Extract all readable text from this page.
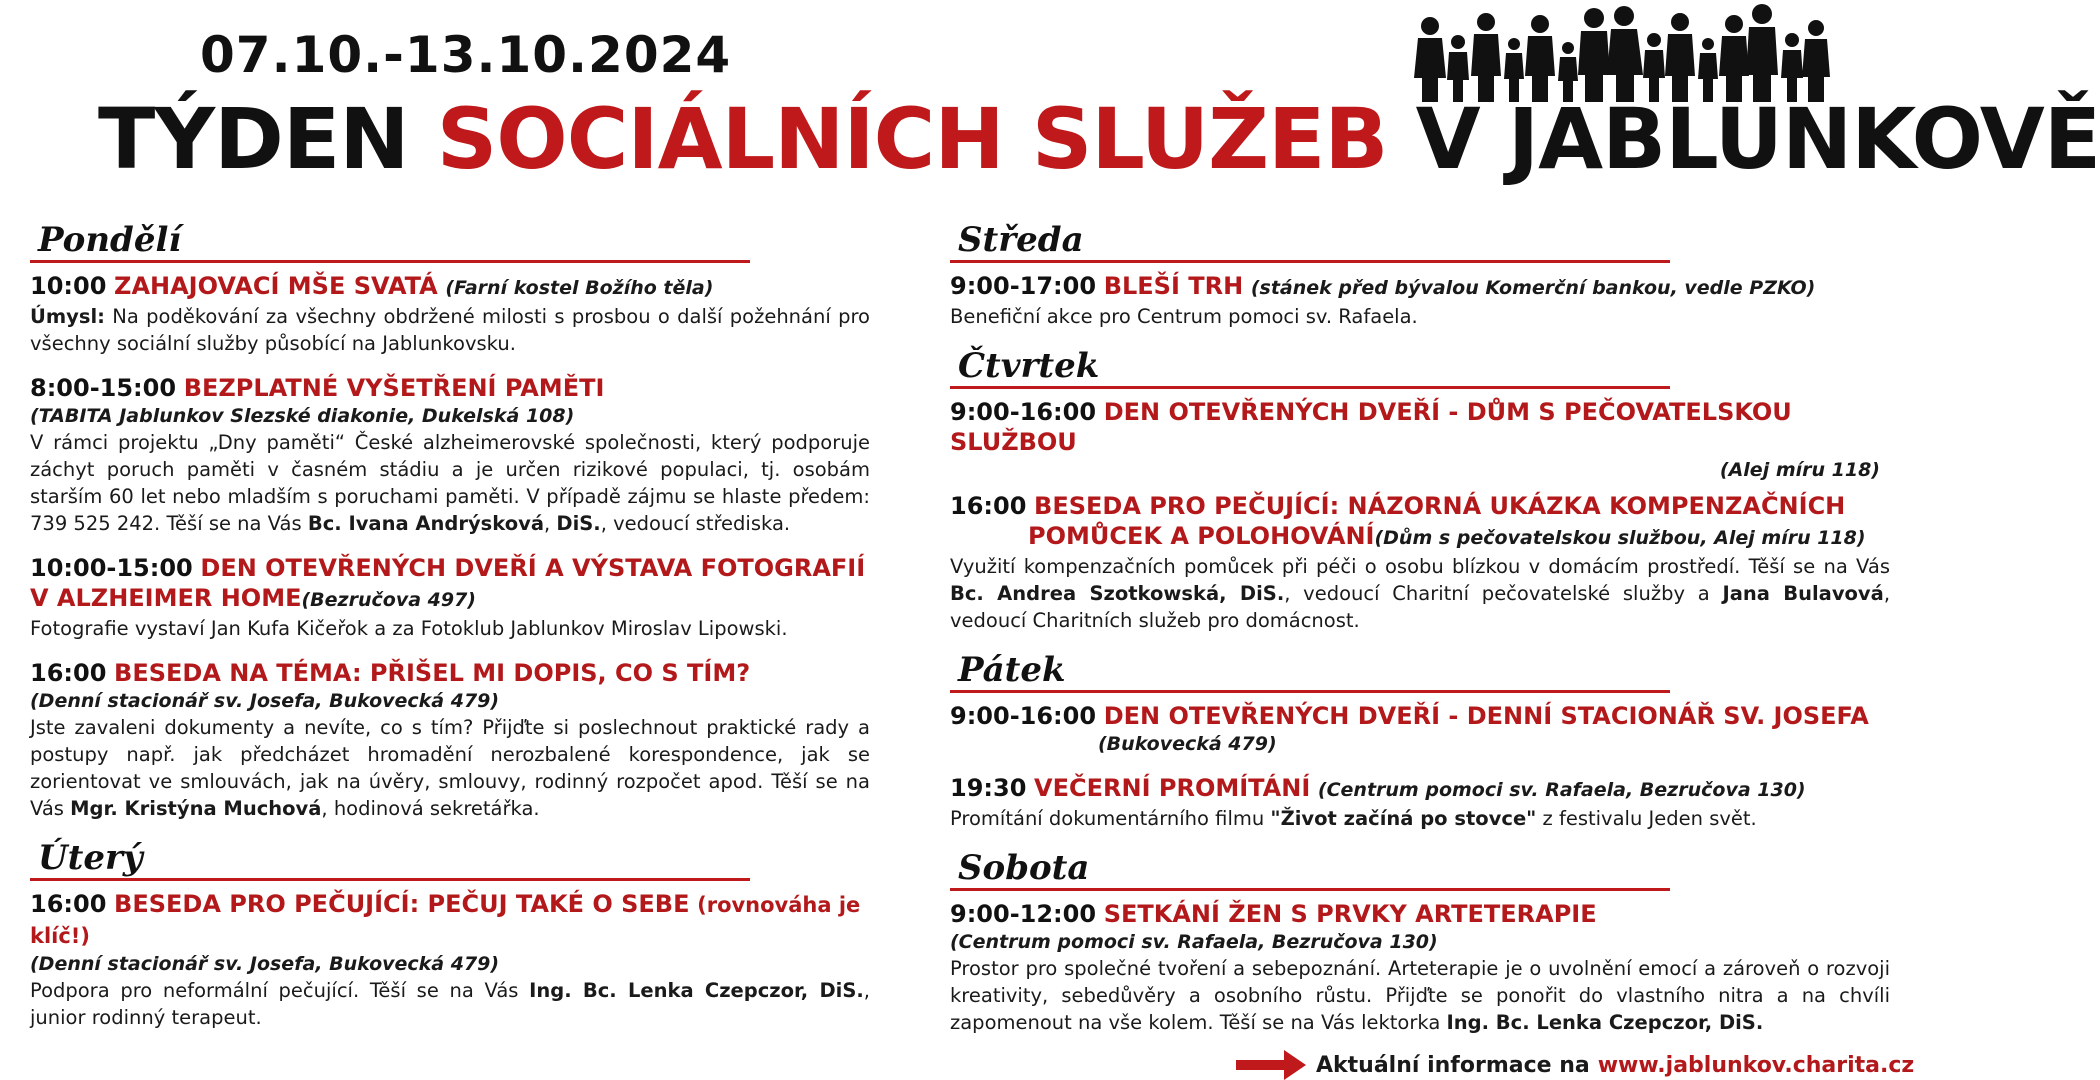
07.10.-13.10.2024
TÝDEN SOCIÁLNÍCH SLUŽEB V JABLUNKOVĚ
Pondělí
10:00 ZAHAJOVACÍ MŠE SVATÁ (Farní kostel Božího těla)
Úmysl: Na poděkování za všechny obdržené milosti s prosbou o další požehnání pro všechny sociální služby působící na Jablunkovsku.
8:00-15:00 BEZPLATNÉ VYŠETŘENÍ PAMĚTI
(TABITA Jablunkov Slezské diakonie, Dukelská 108)
V rámci projektu „Dny paměti“ České alzheimerovské společnosti, který podporuje záchyt poruch paměti v časném stádiu a je určen rizikové populaci, tj. osobám starším 60 let nebo mladším s poruchami paměti. V případě zájmu se hlaste předem: 739 525 242. Těší se na Vás Bc. Ivana Andrýsková, DiS., vedoucí střediska.
10:00-15:00 DEN OTEVŘENÝCH DVEŘÍ A VÝSTAVA FOTOGRAFIÍ
V ALZHEIMER HOME(Bezručova 497)
Fotografie vystaví Jan Kufa Kičeřok a za Fotoklub Jablunkov Miroslav Lipowski.
16:00 BESEDA NA TÉMA: PŘIŠEL MI DOPIS, CO S TÍM?
(Denní stacionář sv. Josefa, Bukovecká 479)
Jste zavaleni dokumenty a nevíte, co s tím? Přijďte si poslechnout praktické rady a postupy např. jak předcházet hromadění nerozbalené korespondence, jak se zorientovat ve smlouvách, jak na úvěry, smlouvy, rodinný rozpočet apod. Těší se na Vás Mgr. Kristýna Muchová, hodinová sekretářka.
Úterý
16:00 BESEDA PRO PEČUJÍCÍ: PEČUJ TAKÉ O SEBE (rovnováha je klíč!)
(Denní stacionář sv. Josefa, Bukovecká 479)
Podpora pro neformální pečující. Těší se na Vás Ing. Bc. Lenka Czepczor, DiS., junior rodinný terapeut.
Středa
9:00-17:00 BLEŠÍ TRH (stánek před bývalou Komerční bankou, vedle PZKO)
Benefiční akce pro Centrum pomoci sv. Rafaela.
Čtvrtek
9:00-16:00 DEN OTEVŘENÝCH DVEŘÍ - DŮM S PEČOVATELSKOU SLUŽBOU
(Alej míru 118)
16:00 BESEDA PRO PEČUJÍCÍ: NÁZORNÁ UKÁZKA KOMPENZAČNÍCH
POMŮCEK A POLOHOVÁNÍ(Dům s pečovatelskou službou, Alej míru 118)
Využití kompenzačních pomůcek při péči o osobu blízkou v domácím prostředí. Těší se na Vás Bc. Andrea Szotkowská, DiS., vedoucí Charitní pečovatelské služby a Jana Bulavová, vedoucí Charitních služeb pro domácnost.
Pátek
9:00-16:00 DEN OTEVŘENÝCH DVEŘÍ - DENNÍ STACIONÁŘ SV. JOSEFA
(Bukovecká 479)
19:30 VEČERNÍ PROMÍTÁNÍ (Centrum pomoci sv. Rafaela, Bezručova 130)
Promítání dokumentárního filmu "Život začíná po stovce" z festivalu Jeden svět.
Sobota
9:00-12:00 SETKÁNÍ ŽEN S PRVKY ARTETERAPIE
(Centrum pomoci sv. Rafaela, Bezručova 130)
Prostor pro společné tvoření a sebepoznání. Arteterapie je o uvolnění emocí a zároveň o rozvoji kreativity, sebedůvěry a osobního růstu. Přijďte se ponořit do vlastního nitra a na chvíli zapomenout na vše kolem. Těší se na Vás lektorka Ing. Bc. Lenka Czepczor, DiS.
Aktuální informace na www.jablunkov.charita.cz
